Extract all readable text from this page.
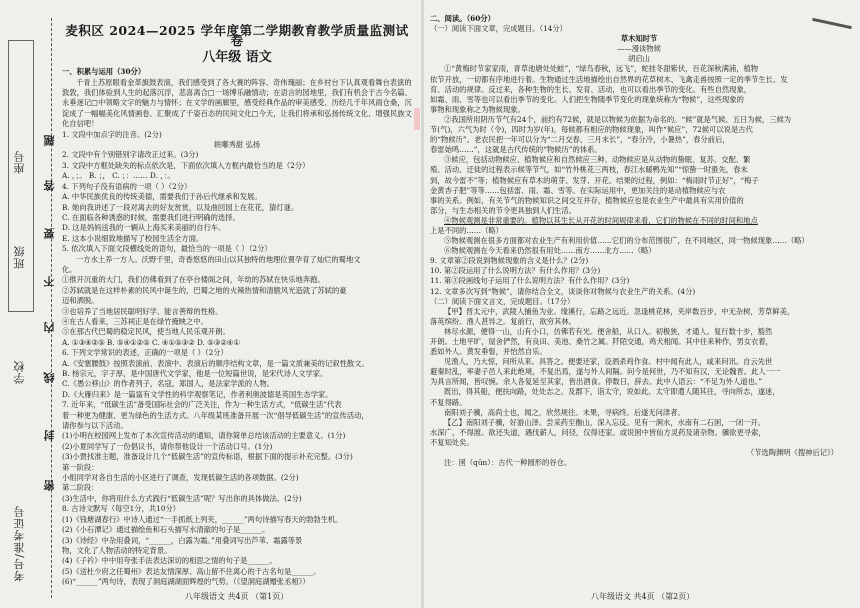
座号
班级
学校
考号/准考证号
题
答
要
不
内
线
封
密

麦积区 2024—2025 学年度第二学期教育教学质量监测试卷

八年级 语文

一、积累与运用（30分）

千青上苏原眼看金革旗鼓表演，我们感受到了各大赛的阵容、奇伟瑰丽；在乡村台下认真观看舞台表演的敦敦，我们体验到人生的起落沉浮，悲喜离合□一场博乐融情动；在语言的园地里，我们有机会于古今名篇、永垂迷记□中领略文字的魅力与情怀；在文学的画廊里，感受经典作品的审美感受、历经几千年风雨仓桑，沉淀成了一幅幅美化风情画卷、汇聚成了千姿百态的民间文化□今天，让我们将承和弘扬传统文化、增强民族文化自信吧！

1. 文段中加点字的注音。(2分)

轶嘟秀甜 弘扬

2. 文段中有个别错别字请改正过来。(3分)

3. 文段中方框处缺失的标点依次是，下面依次填入方框内最恰当的是（2分）

A. ，；。 B. ；， C. ；：…… D. ，：。

4. 下列句子没有语病的一项（ ）（2分）

A. 中华民族优良的传统美德，需要我们于孙后代继承和发展。

B. 她向我讲述了一段对离去的好友赏赏，以及曲回园上在花花，猜灯谜。

C. 在面临各种诱惑的时候，需要我们进行明确的选择。

D. 这是妈妈送我的一辆从上海买来美丽的自行车。

E. 这本小说细致地描写了校园生活全方面。

5. 依次填入下面文段横线处的语句，最恰当的一项是（ ）（2分）

一方水土养一方人。沃野千里，奇香悠悠的田山以其独特的地理位置孕育了灿烂的蜀地文

化。

①推开沉重的大门，我们仿佛看到了在亭台楼阁之间，年幼的苏轼在快乐地奔跑。

②苏轼就是在这样朴素的民风中诞生的，巴蜀之地的火辣热情和清脆风光造就了苏轼的豪

迈和洒脱。

③也培养了当地居民聪明好学、能言善辩的性格。

④在古人看来，三苏祠正是在绿竹掩映之中。

⑤在那古代巴蜀的稳定民风，使当地人民乐观开朗。

A. ①③④②⑤ B. ⑤④①②⑤ C. ④①⑤③② D. ⑤③②④①

6. 下列文学常识的表述，正确的一项是（ ）（2分）

A.《安塞腰鼓》按照表演前、表演中、表演后的顺序结构文章，是一篇文质兼美的记叙性散文。

B. 杨宗元，字子厚，是中国唐代文学家，他是一位短篇世说，是宋代诗人文学家。

C.《愚公移山》的作者列子，名寇，郑国人，是法家学派的人物。

D.《大雁归来》是一篇富有文学性的科学观察笔记，作者利奥波德是英国生态学家。

7. 近年来，“低碳生活”备受国际社会的广泛关注，作为一种生活方式，“低碳生活”代表

着一种更为健康、更为绿色的生活方式。八年级某班准备开展一次“倡导低碳生活”的宣传活动，

请你参与以下活动。

(1)小明在校园网上发布了本次宣传活动的通知，请你简单总结该活动的主要意义。(1分)

(2)小夏同学写了一份倡议书，请你帮他设计一个活动口号。(1分)

(3)小贾找准主题，准备设计几个“低碳生活”的宣传标语，根据下面的提示补充完整。(3分)

第一阶段：

小组同学对各自生活的小区进行了调查，发现低碳生活的各项数据。(2分)

第二阶段：

(3)生活中，你将用什么方式践行“低碳生活”呢？写出你的具体做法。(2分)

8. 古诗文默写（每空1分，共10分）

(1)《钱塘湖春行》中诗人通过“一手抓纸上列夹，______”两句诗描写春天的勃勃生机。

(2)《小石潭记》通过描绘鱼和石头描写水清澈的句子是______。

(3)《诗经》中杂用叠词，“______，白露为霜。”用叠词写出芦苇、霜露等景

物，文化了人物活动的特定背景。

(4)《子衿》中中用夸张手法表达深切的相思之情的句子是______。

(5)《送杜少府之任蜀州》表达友情深厚、高山留不住离心的千古名句是______。

(6)“______”两句诗，表现了洞庭湖湖面辉煌的气势。（《望洞庭湖赠张丞相》）

八年级语文 共4页 （第1页）

二、阅读。（60分）

（一）阅读下面文章，完成题目。（14分）

草木知时节

——漫谈物候

胡启山

①“黄梅时节家家雨，青草池塘处处蛙”，“绿鸟春秋，远飞”，蛇挂冬甜紫伏，百花深秋满浦，植物

依节开放，一切都有序地进行着。生物通过生活地描绘出自然界的花草树木、飞禽走兽按照一定的季节生长、发

育、活动的规律。反过来，各种生物的生长、发育、活动，也可以看出季节的变化。有些自然现象，

如霜、雨、雪等也可以看出季节的变化。人们把生物随季节变化的现象统称为“物候”，这些现象的

事物和现象称之为物候现象。

②我国所用阴历节气有24个，前约有72候，就是以物候为依据为命名的。“候”就是气候、五日为候，三候为

节(气)，六气为时（令)，四时为岁(年)，每候都有相应的物候现象，叫作“候应”，72候可以说是古代

的“物候历”。老农民把一年可以分为“二月交春，三月末长”，“春分冷，小暑热”，春分前后，

春雷始鸣……”，这就是古代传统的“物候历”的体系。

③候应，包括动物候应、植物候应和自然候应三种。动物候应是从动物的蛰眠、复苏、交配、繁

殖、活动、迁徙的过程表示候等节气，如“竹外桃花三两枝，春江水暖鸭先知”“惊蛰一时蛩先，春未

到，故今雷不”等；植物候应有草木的萌芽、发芽、开花、结果的过程，例如：“梅雨时节正好”，“梅子

金黄杏子肥”等等……包括雷、雨、霜、雪等。在实际运用中，更加关注的是动植物候应与农

事的关系。例如，有关节气的物候知识之间交互并存，植物候应也是农业生产中最具有实用价值的

部分，与生态相关的节令更具独到人们生活。

④物候观测是非常重要的。植物以其生长从开花的时间规律来看，它们的物候在不同的时间和地点

上是不同的……（略）

⑤物候观测在很多方面都对农业生产有利用价值……它们的分布范围很广，在不同地区，同一物候现象……（略）

⑥物候观测在今天看来仍然很有用处……南方……北方……（略）

9. 文章第②段说到物候现象的含义是什么？(2分)

10. 第②段运用了什么说明方法？有什么作用？(3分)

11. 第③段画线句子运用了什么说明方法？有什么作用？(3分)

12. 文章多次写到“物候”，请你结合全文，谈谈你对物候与农业生产的关系。(4分)

（二）阅读下面文言文，完成题目。（17分）

【甲】晋太元中，武陵人捕鱼为业。缘溪行，忘路之远近。忽逢桃花林，夹岸数百步，中无杂树，芳草鲜美，

落英缤纷。渔人甚异之。复前行，欲穷其林。

林尽水源，便得一山，山有小口，仿佛若有光。便舍船，从口入。初极狭，才通人。复行数十步，豁然

开朗。土地平旷，屋舍俨然，有良田、美池、桑竹之属。阡陌交通，鸡犬相闻。其中往来种作，男女衣着，

悉如外人。黄发垂髫，并怡然自乐。

见渔人，乃大惊，问所从来。具答之。便要还家，设酒杀鸡作食。村中闻有此人，咸来问讯。自云先世

避秦时乱，率妻子邑人来此绝境，不复出焉，遂与外人间隔。问今是何世，乃不知有汉，无论魏晋。此人一一

为具言所闻，皆叹惋。余人各复延至其家，皆出酒食。停数日，辞去。此中人语云：“不足为外人道也。”

既出，得其船，便扶向路，处处志之。及郡下，诣太守，说如此。太守即遣人随其往，寻向所志，遂迷，

不复得路。

南阳刘子骥，高尚士也，闻之，欣然规往。未果，寻病终。后遂无问津者。

【乙】南阳刘子骥，好游山泽。尝采药至衡山，深入忘反。见有一涧水，水南有二石囷，一闭一开。

水深广，不得渡。欲还失道，遇伐薪人，问径，仅得还家。或说囷中皆仙方灵药及诸杂物。骥欲更寻索，

不复知处矣。

（节选陶渊明《搜神后记》）

注：囷（qūn）：古代一种圆形的谷仓。

八年级语文 共4页 （第2页）
